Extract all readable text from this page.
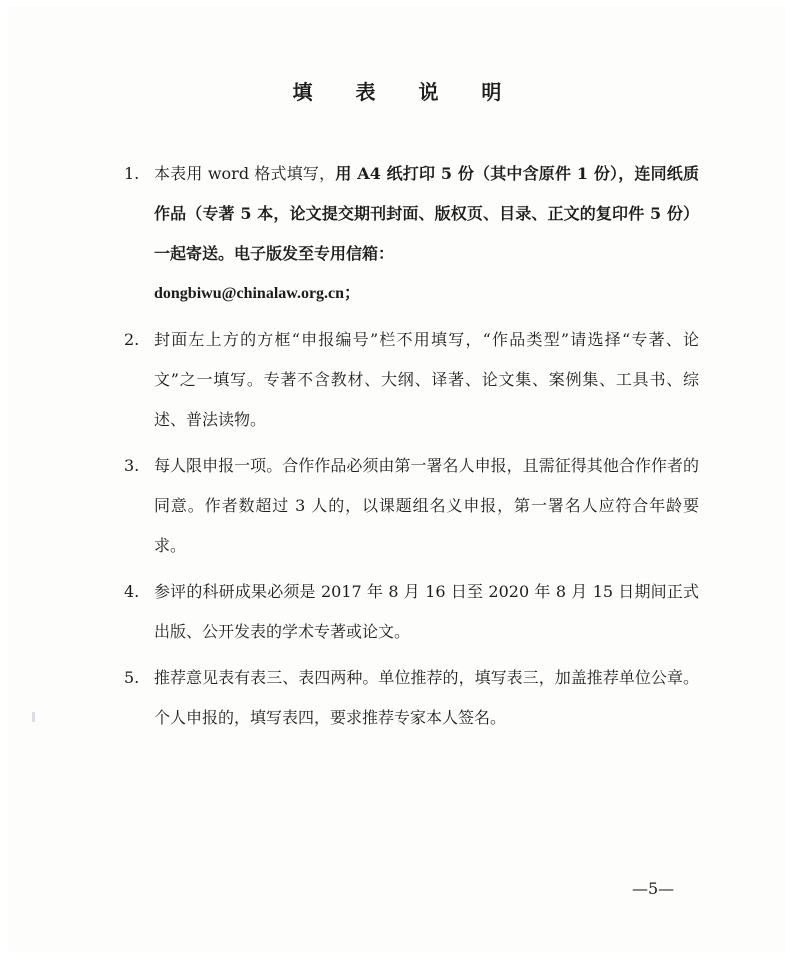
填 表 说 明
1. 本表用 word 格式填写，用 A4 纸打印 5 份（其中含原件 1 份），连同纸质作品（专著 5 本，论文提交期刊封面、版权页、目录、正文的复印件 5 份）一起寄送。电子版发至专用信箱：
dongbiwu@chinalaw.org.cn；
2. 封面左上方的方框“申报编号”栏不用填写，“作品类型”请选择“专著、论文”之一填写。专著不含教材、大纲、译著、论文集、案例集、工具书、综述、普法读物。
3. 每人限申报一项。合作作品必须由第一署名人申报，且需征得其他合作作者的同意。作者数超过 3 人的，以课题组名义申报，第一署名人应符合年龄要求。
4. 参评的科研成果必须是 2017 年 8 月 16 日至 2020 年 8 月 15 日期间正式出版、公开发表的学术专著或论文。
5. 推荐意见表有表三、表四两种。单位推荐的，填写表三，加盖推荐单位公章。个人申报的，填写表四，要求推荐专家本人签名。
—5—
